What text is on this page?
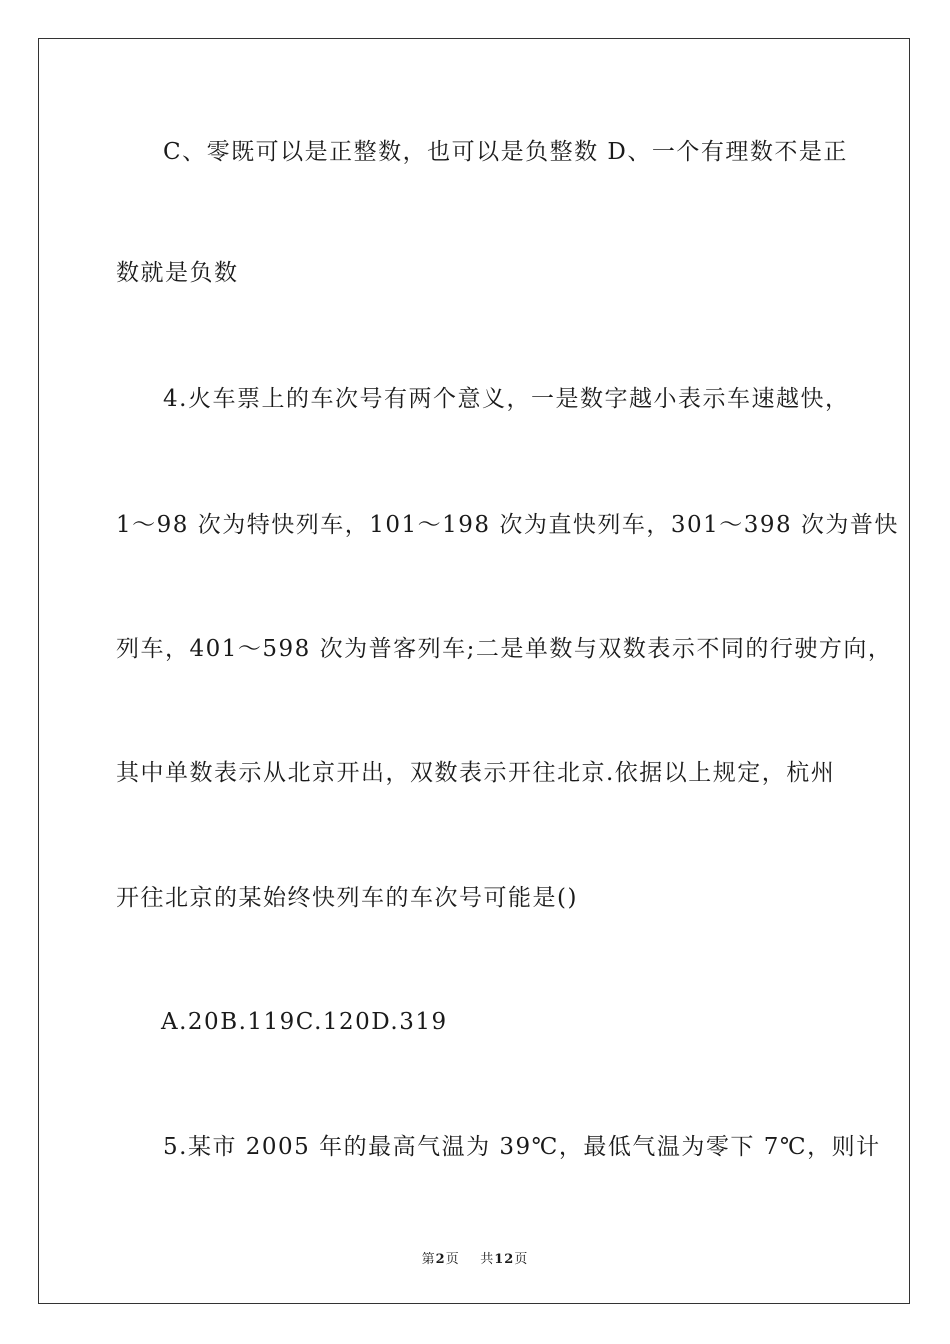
C、零既可以是正整数，也可以是负整数 D、一个有理数不是正
数就是负数
4.火车票上的车次号有两个意义，一是数字越小表示车速越快，
1～98 次为特快列车，101～198 次为直快列车，301～398 次为普快
列车，401～598 次为普客列车;二是单数与双数表示不同的行驶方向，
其中单数表示从北京开出，双数表示开往北京.依据以上规定，杭州
开往北京的某始终快列车的车次号可能是()
A.20B.119C.120D.319
5.某市 2005 年的最高气温为 39℃，最低气温为零下 7℃，则计
第2页 共12页
